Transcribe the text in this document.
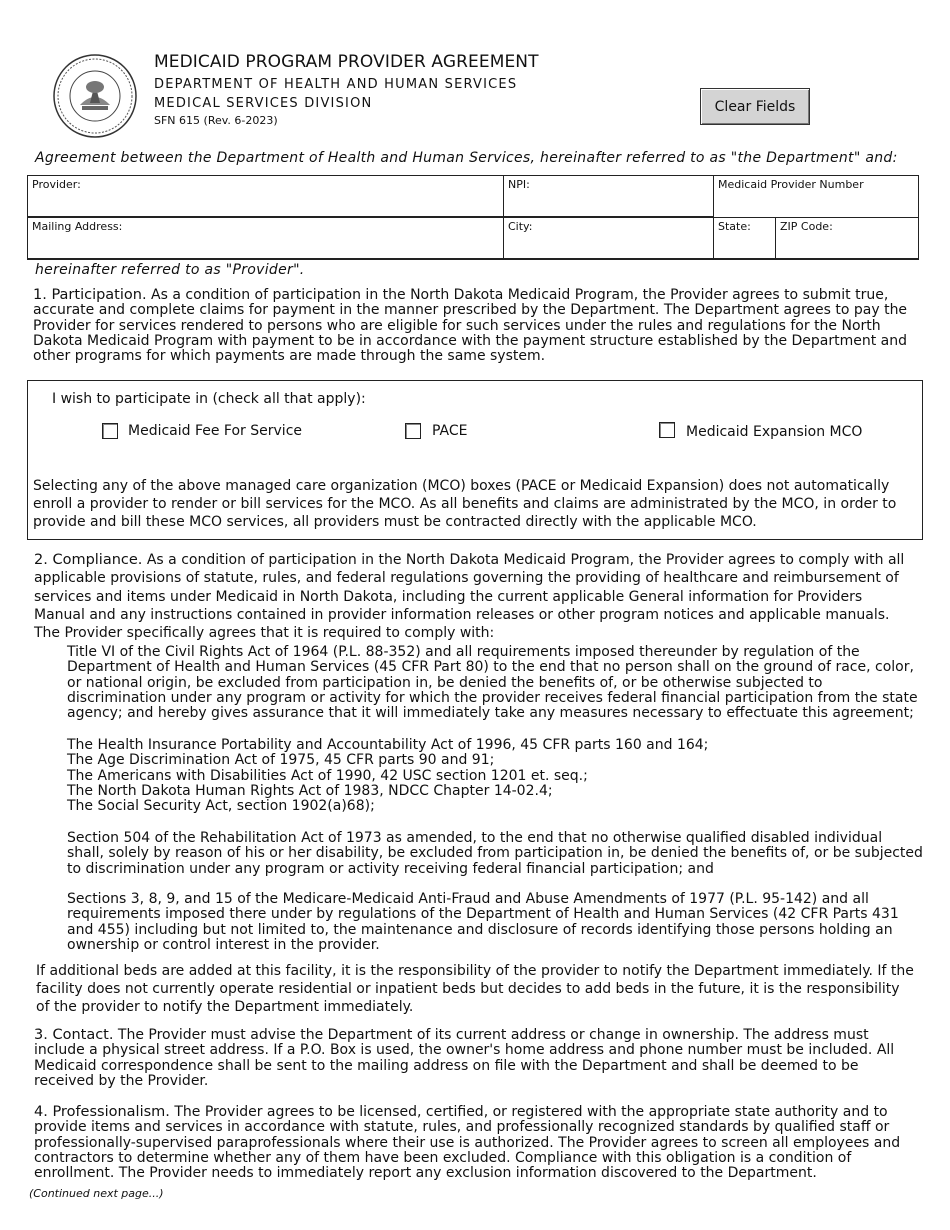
MEDICAID PROGRAM PROVIDER AGREEMENT
DEPARTMENT OF HEALTH AND HUMAN SERVICES
MEDICAL SERVICES DIVISION
SFN 615 (Rev. 6-2023)
Clear Fields
Agreement between the Department of Health and Human Services, hereinafter referred to as "the Department" and:
Provider:	NPI:	Medicaid Provider Number
Mailing Address:	City:	State:	ZIP Code:
hereinafter referred to as "Provider".
1. Participation. As a condition of participation in the North Dakota Medicaid Program, the Provider agrees to submit true, accurate and complete claims for payment in the manner prescribed by the Department. The Department agrees to pay the Provider for services rendered to persons who are eligible for such services under the rules and regulations for the North Dakota Medicaid Program with payment to be in accordance with the payment structure established by the Department and other programs for which payments are made through the same system.
I wish to participate in (check all that apply):
Medicaid Fee For Service	PACE	Medicaid Expansion MCO
Selecting any of the above managed care organization (MCO) boxes (PACE or Medicaid Expansion) does not automatically enroll a provider to render or bill services for the MCO. As all benefits and claims are administrated by the MCO, in order to provide and bill these MCO services, all providers must be contracted directly with the applicable MCO.
2. Compliance. As a condition of participation in the North Dakota Medicaid Program, the Provider agrees to comply with all applicable provisions of statute, rules, and federal regulations governing the providing of healthcare and reimbursement of services and items under Medicaid in North Dakota, including the current applicable General information for Providers Manual and any instructions contained in provider information releases or other program notices and applicable manuals. The Provider specifically agrees that it is required to comply with:
Title VI of the Civil Rights Act of 1964 (P.L. 88-352) and all requirements imposed thereunder by regulation of the Department of Health and Human Services (45 CFR Part 80) to the end that no person shall on the ground of race, color, or national origin, be excluded from participation in, be denied the benefits of, or be otherwise subjected to discrimination under any program or activity for which the provider receives federal financial participation from the state agency; and hereby gives assurance that it will immediately take any measures necessary to effectuate this agreement;
The Health Insurance Portability and Accountability Act of 1996, 45 CFR parts 160 and 164;
The Age Discrimination Act of 1975, 45 CFR parts 90 and 91;
The Americans with Disabilities Act of 1990, 42 USC section 1201 et. seq.;
The North Dakota Human Rights Act of 1983, NDCC Chapter 14-02.4;
The Social Security Act, section 1902(a)68);
Section 504 of the Rehabilitation Act of 1973 as amended, to the end that no otherwise qualified disabled individual shall, solely by reason of his or her disability, be excluded from participation in, be denied the benefits of, or be subjected to discrimination under any program or activity receiving federal financial participation; and
Sections 3, 8, 9, and 15 of the Medicare-Medicaid Anti-Fraud and Abuse Amendments of 1977 (P.L. 95-142) and all requirements imposed there under by regulations of the Department of Health and Human Services (42 CFR Parts 431 and 455) including but not limited to, the maintenance and disclosure of records identifying those persons holding an ownership or control interest in the provider.
If additional beds are added at this facility, it is the responsibility of the provider to notify the Department immediately. If the facility does not currently operate residential or inpatient beds but decides to add beds in the future, it is the responsibility of the provider to notify the Department immediately.
3. Contact. The Provider must advise the Department of its current address or change in ownership. The address must include a physical street address. If a P.O. Box is used, the owner's home address and phone number must be included. All Medicaid correspondence shall be sent to the mailing address on file with the Department and shall be deemed to be received by the Provider.
4. Professionalism. The Provider agrees to be licensed, certified, or registered with the appropriate state authority and to provide items and services in accordance with statute, rules, and professionally recognized standards by qualified staff or professionally-supervised paraprofessionals where their use is authorized. The Provider agrees to screen all employees and contractors to determine whether any of them have been excluded. Compliance with this obligation is a condition of enrollment. The Provider needs to immediately report any exclusion information discovered to the Department.
(Continued next page...)
